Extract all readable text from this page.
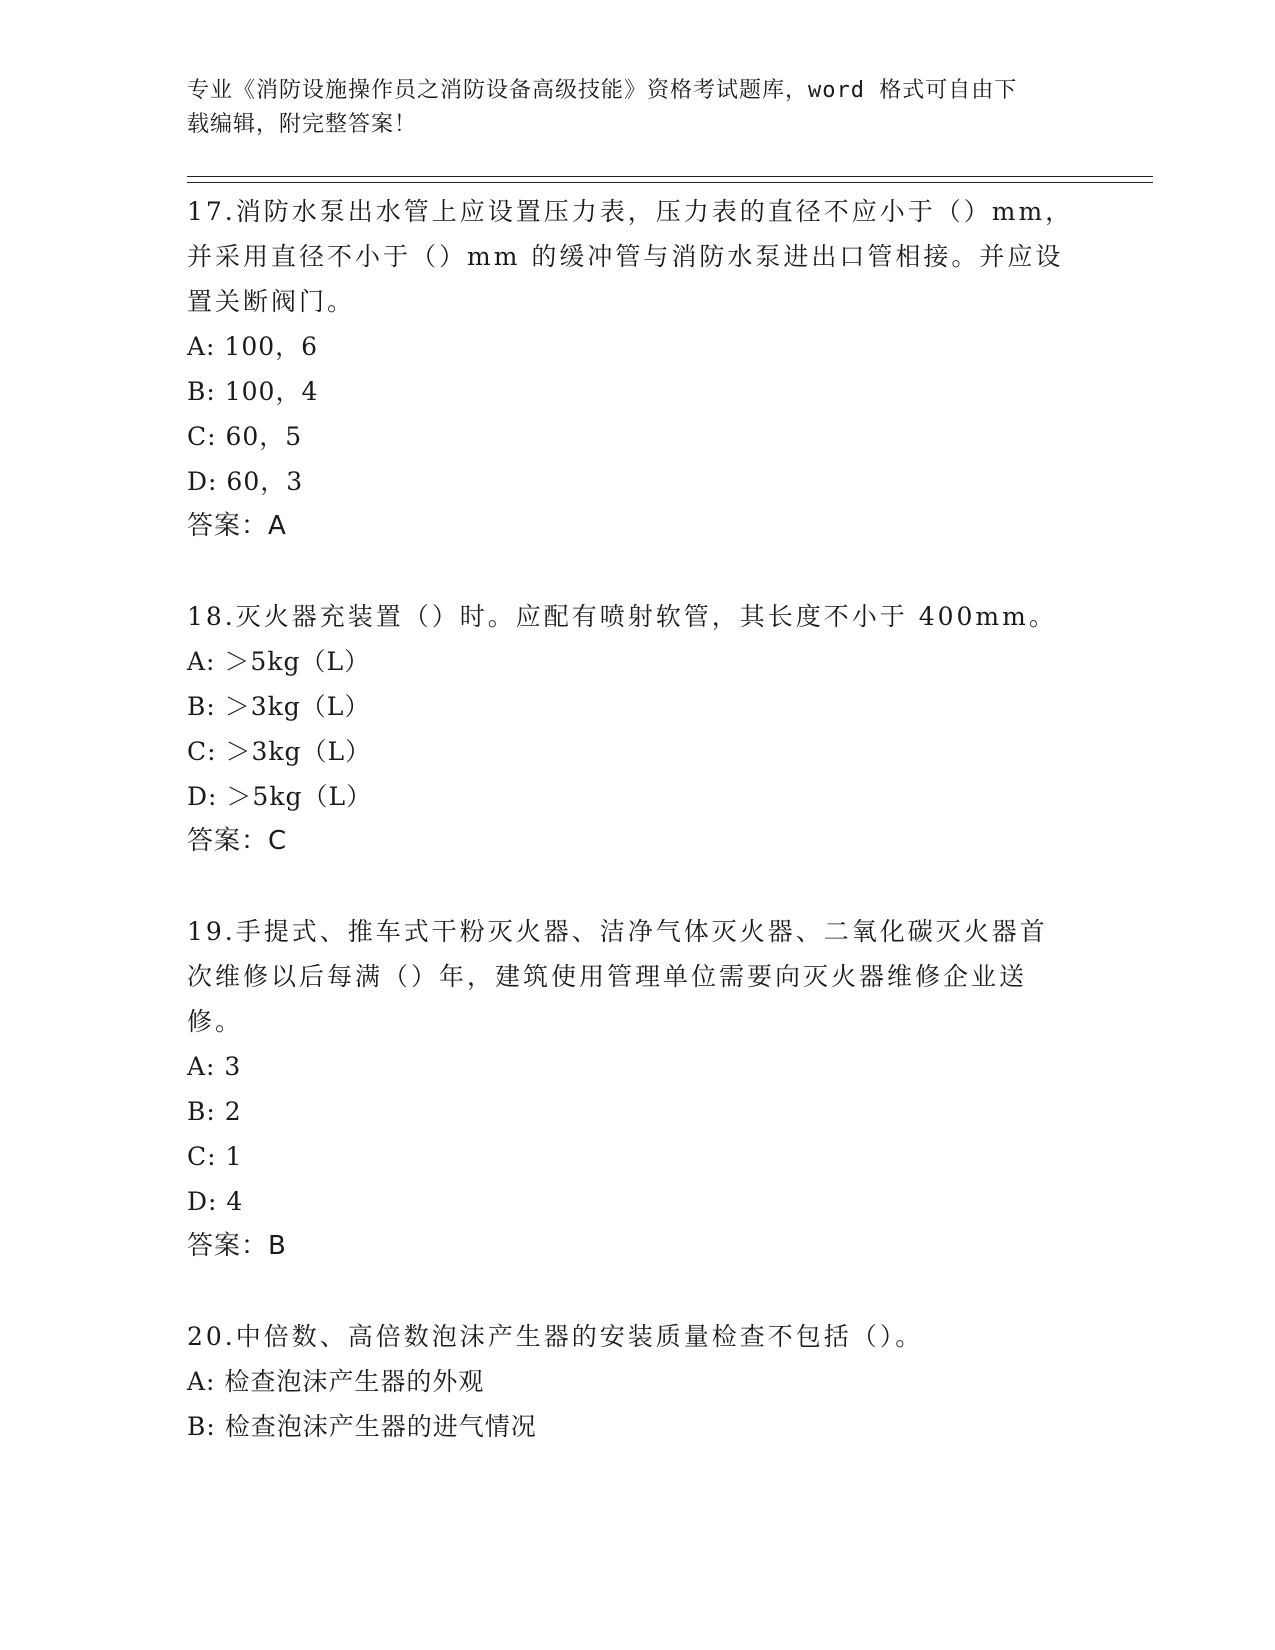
专业《消防设施操作员之消防设备高级技能》资格考试题库，word 格式可自由下
载编辑，附完整答案！
17.消防水泵出水管上应设置压力表，压力表的直径不应小于（）mm，
并采用直径不小于（）mm 的缓冲管与消防水泵进出口管相接。并应设
置关断阀门。
A: 100，6
B: 100，4
C: 60，5
D: 60，3
答案：A
18.灭火器充装置（）时。应配有喷射软管，其长度不小于 400mm。
A: ＞5kg（L）
B: ＞3kg（L）
C: ＞3kg（L）
D: ＞5kg（L）
答案：C
19.手提式、推车式干粉灭火器、洁净气体灭火器、二氧化碳灭火器首
次维修以后每满（）年，建筑使用管理单位需要向灭火器维修企业送
修。
A: 3
B: 2
C: 1
D: 4
答案：B
20.中倍数、高倍数泡沫产生器的安装质量检查不包括（）。
A: 检查泡沫产生器的外观
B: 检查泡沫产生器的进气情况
